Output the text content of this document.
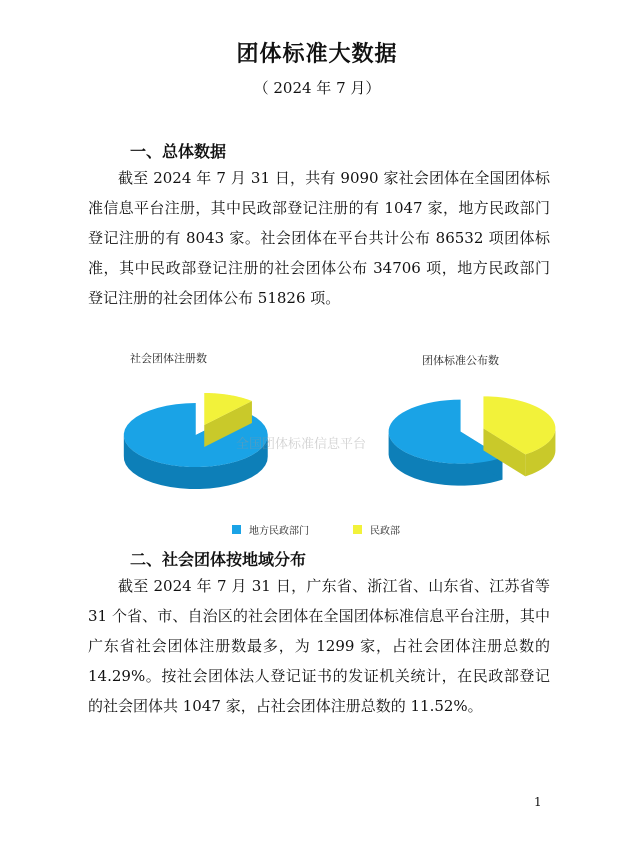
团体标准大数据
（ 2024 年 7 月）
一、总体数据
截至 2024 年 7 月 31 日，共有 9090 家社会团体在全国团体标准信息平台注册，其中民政部登记注册的有 1047 家，地方民政部门登记注册的有 8043 家。社会团体在平台共计公布 86532 项团体标准，其中民政部登记注册的社会团体公布 34706 项，地方民政部门登记注册的社会团体公布 51826 项。
社会团体注册数	团体标准公布数
全国团体标准信息平台
地方民政部门	民政部
二、社会团体按地域分布
截至 2024 年 7 月 31 日，广东省、浙江省、山东省、江苏省等 31 个省、市、自治区的社会团体在全国团体标准信息平台注册，其中广东省社会团体注册数最多，为 1299 家，占社会团体注册总数的 14.29%。按社会团体法人登记证书的发证机关统计，在民政部登记的社会团体共 1047 家，占社会团体注册总数的 11.52%。
1
